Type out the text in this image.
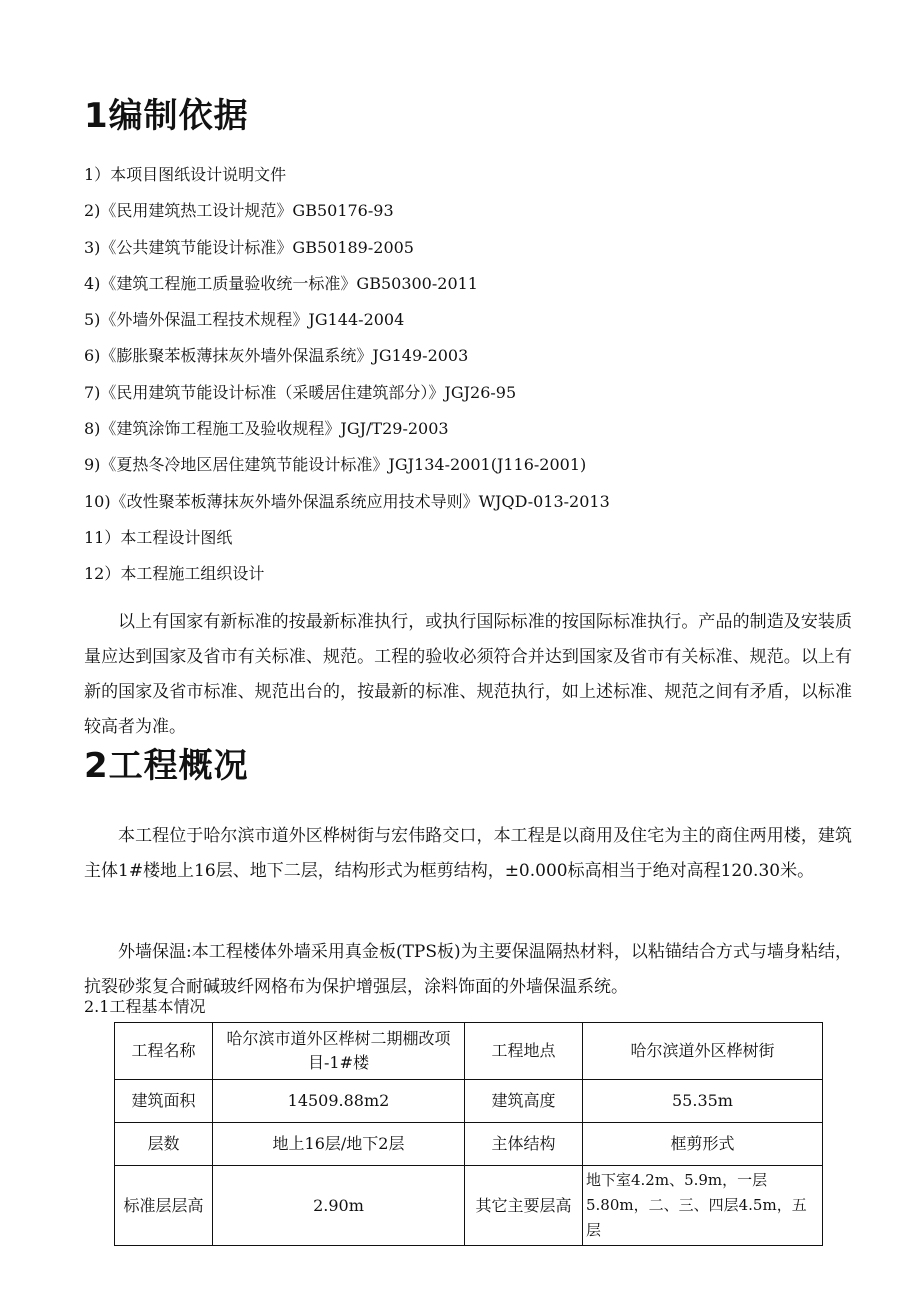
1编制依据
1）本项目图纸设计说明文件
2)《民用建筑热工设计规范》GB50176-93
3)《公共建筑节能设计标准》GB50189-2005
4)《建筑工程施工质量验收统一标准》GB50300-2011
5)《外墙外保温工程技术规程》JG144-2004
6)《膨胀聚苯板薄抹灰外墙外保温系统》JG149-2003
7)《民用建筑节能设计标准（采暖居住建筑部分）》JGJ26-95
8)《建筑涂饰工程施工及验收规程》JGJ/T29-2003
9)《夏热冬冷地区居住建筑节能设计标准》JGJ134-2001(J116-2001)
10)《改性聚苯板薄抹灰外墙外保温系统应用技术导则》WJQD-013-2013
11）本工程设计图纸
12）本工程施工组织设计

以上有国家有新标准的按最新标准执行，或执行国际标准的按国际标准执行。产品的制造及安装质量应达到国家及省市有关标准、规范。工程的验收必须符合并达到国家及省市有关标准、规范。以上有新的国家及省市标准、规范出台的，按最新的标准、规范执行，如上述标准、规范之间有矛盾，以标准较高者为准。

2工程概况

本工程位于哈尔滨市道外区桦树街与宏伟路交口，本工程是以商用及住宅为主的商住两用楼，建筑主体1#楼地上16层、地下二层，结构形式为框剪结构，±0.000标高相当于绝对高程120.30米。

外墙保温:本工程楼体外墙采用真金板(TPS板)为主要保温隔热材料，以粘锚结合方式与墙身粘结，抗裂砂浆复合耐碱玻纤网格布为保护增强层，涂料饰面的外墙保温系统。

2.1工程基本情况
工程名称	哈尔滨市道外区桦树二期棚改项目-1#楼	工程地点	哈尔滨道外区桦树街
建筑面积	14509.88m2	建筑高度	55.35m
层数	地上16层/地下2层	主体结构	框剪形式
标准层层高	2.90m	其它主要层高	地下室4.2m、5.9m，一层5.80m，二、三、四层4.5m，五层
